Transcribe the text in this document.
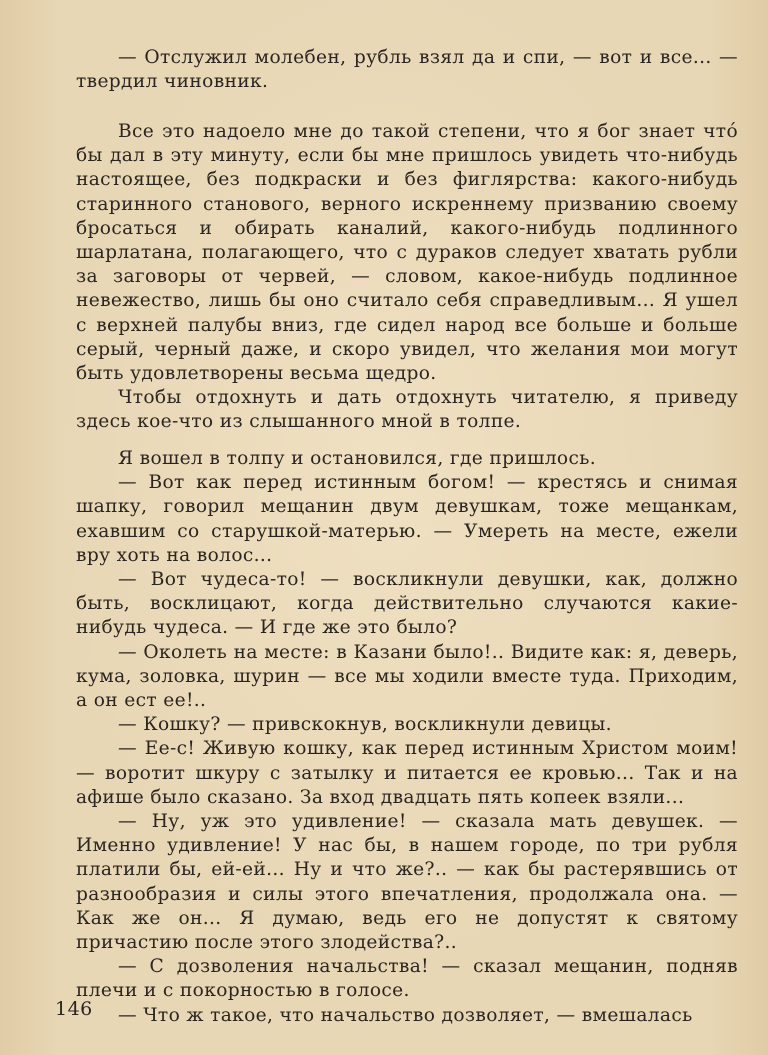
— Отслужил молебен, рубль взял да и спи, — вот и все... — твердил чиновник.

Все это надоело мне до такой степени, что я бог знает что́ бы дал в эту минуту, если бы мне пришлось увидеть что-нибудь настоящее, без подкраски и без фиглярства: какого-нибудь старинного станового, верного искреннему призванию своему бросаться и обирать каналий, какого-нибудь подлинного шарлатана, полагающего, что с дураков следует хватать рубли за заговоры от червей, — словом, какое-нибудь подлинное невежество, лишь бы оно считало себя справедливым... Я ушел с верхней палубы вниз, где сидел народ все больше и больше серый, черный даже, и скоро увидел, что желания мои могут быть удовлетворены весьма щедро.

Чтобы отдохнуть и дать отдохнуть читателю, я приведу здесь кое-что из слышанного мной в толпе.

Я вошел в толпу и остановился, где пришлось.

— Вот как перед истинным богом! — крестясь и снимая шапку, говорил мещанин двум девушкам, тоже мещанкам, ехавшим со старушкой-матерью. — Умереть на месте, ежели вру хоть на волос...

— Вот чудеса-то! — воскликнули девушки, как, должно быть, восклицают, когда действительно случаются какие-нибудь чудеса. — И где же это было?

— Околеть на месте: в Казани было!.. Видите как: я, деверь, кума, золовка, шурин — все мы ходили вместе туда. Приходим, а он ест ее!..

— Кошку? — привскокнув, воскликнули девицы.

— Ее-с! Живую кошку, как перед истинным Христом моим! — воротит шкуру с затылку и питается ее кровью... Так и на афише было сказано. За вход двадцать пять копеек взяли...

— Ну, уж это удивление! — сказала мать девушек. — Именно удивление! У нас бы, в нашем городе, по три рубля платили бы, ей-ей... Ну и что же?.. — как бы растерявшись от разнообразия и силы этого впечатления, продолжала она. — Как же он... Я думаю, ведь его не допустят к святому причастию после этого злодейства?..

— С дозволения начальства! — сказал мещанин, подняв плечи и с покорностью в голосе.

— Что ж такое, что начальство дозволяет, — вмешалась

146
